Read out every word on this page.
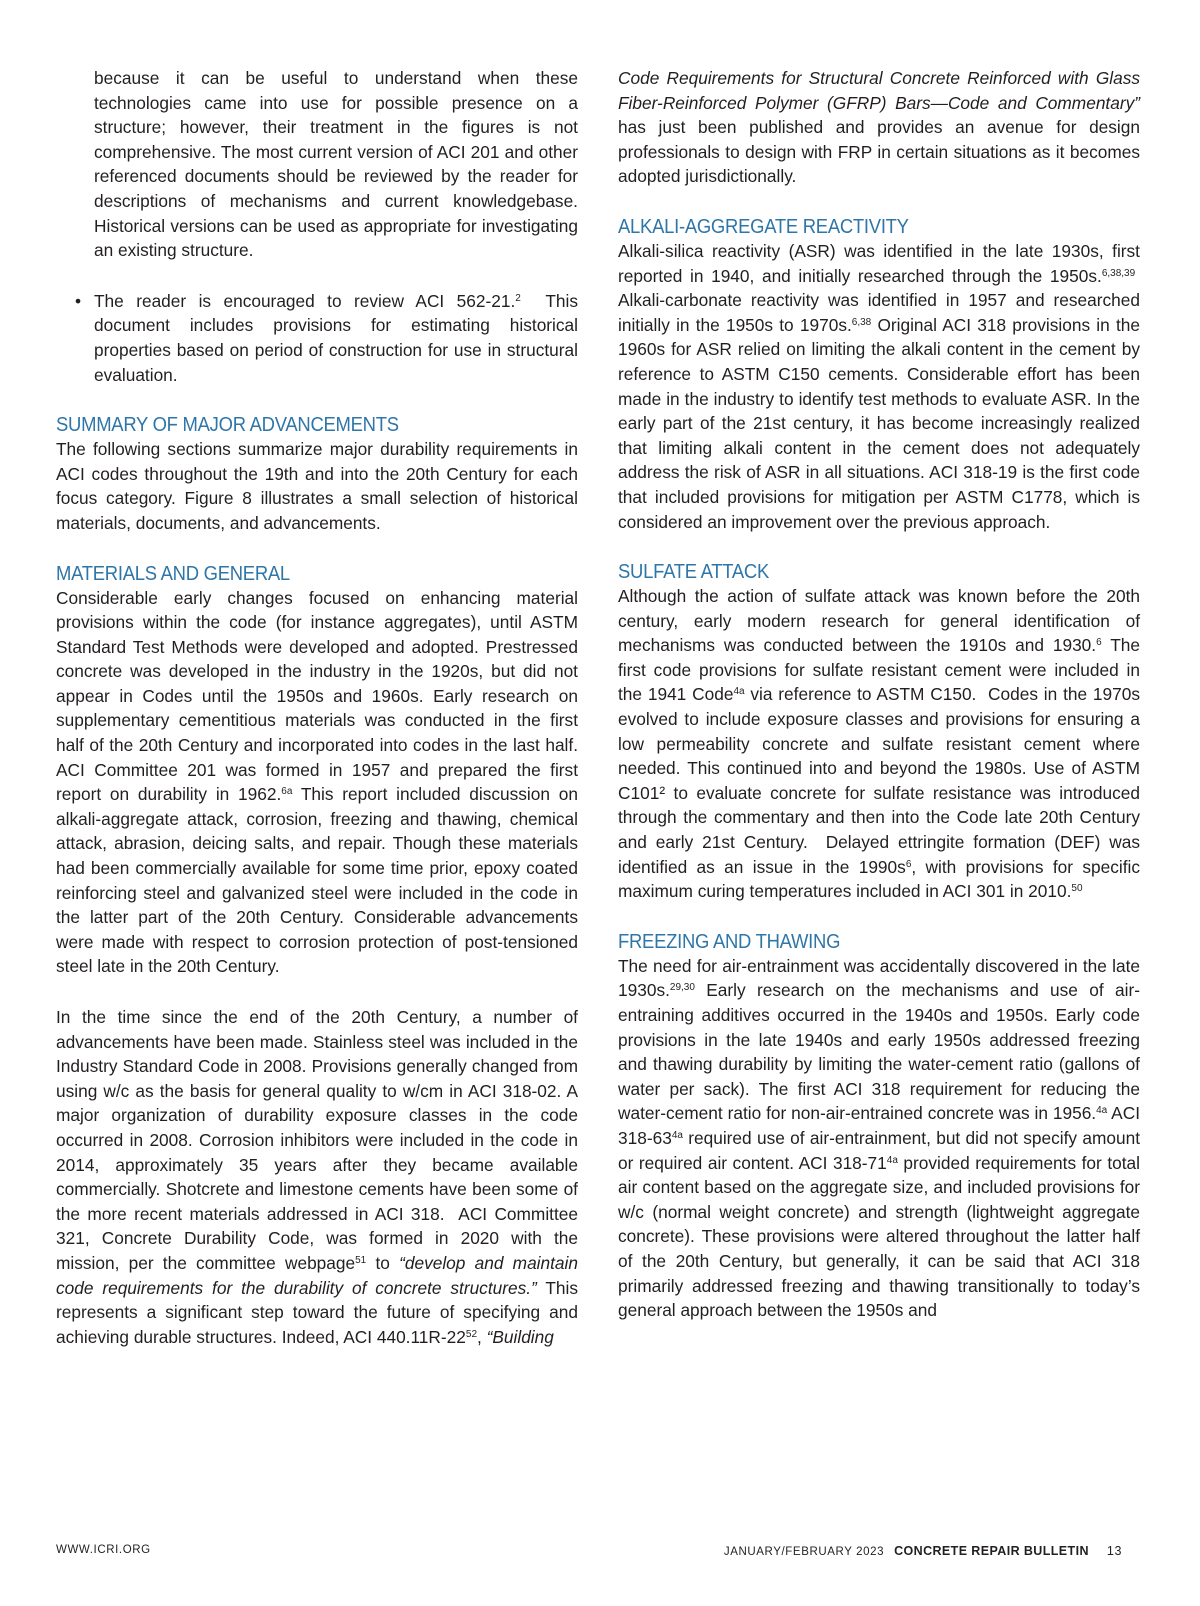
because it can be useful to understand when these technologies came into use for possible presence on a structure; however, their treatment in the figures is not comprehensive. The most current version of ACI 201 and other referenced documents should be reviewed by the reader for descriptions of mechanisms and current knowledgebase. Historical versions can be used as appropriate for investigating an existing structure.

• The reader is encouraged to review ACI 562-21.$^2$  This document includes provisions for estimating historical properties based on period of construction for use in structural evaluation.

SUMMARY OF MAJOR ADVANCEMENTS

The following sections summarize major durability requirements in ACI codes throughout the 19th and into the 20th Century for each focus category. Figure 8 illustrates a small selection of historical materials, documents, and advancements.

MATERIALS AND GENERAL

Considerable early changes focused on enhancing material provisions within the code (for instance aggregates), until ASTM Standard Test Methods were developed and adopted. Prestressed concrete was developed in the industry in the 1920s, but did not appear in Codes until the 1950s and 1960s. Early research on supplementary cementitious materials was conducted in the first half of the 20th Century and incorporated into codes in the last half. ACI Committee 201 was formed in 1957 and prepared the first report on durability in 1962.$^{6a}$ This report included discussion on alkali-aggregate attack, corrosion, freezing and thawing, chemical attack, abrasion, deicing salts, and repair. Though these materials had been commercially available for some time prior, epoxy coated reinforcing steel and galvanized steel were included in the code in the latter part of the 20th Century. Considerable advancements were made with respect to corrosion protection of post-tensioned steel late in the 20th Century.

In the time since the end of the 20th Century, a number of advancements have been made. Stainless steel was included in the Industry Standard Code in 2008. Provisions generally changed from using w/c as the basis for general quality to w/cm in ACI 318-02. A major organization of durability exposure classes in the code occurred in 2008. Corrosion inhibitors were included in the code in 2014, approximately 35 years after they became available commercially. Shotcrete and limestone cements have been some of the more recent materials addressed in ACI 318.  ACI Committee 321, Concrete Durability Code, was formed in 2020 with the mission, per the committee webpage$^{51}$ to “develop and maintain code requirements for the durability of concrete structures.” This represents a significant step toward the future of specifying and achieving durable structures. Indeed, ACI $440.11R-22^{52}$, “Building

Code Requirements for Structural Concrete Reinforced with Glass Fiber-Reinforced Polymer (GFRP) Bars—Code and Commentary” has just been published and provides an avenue for design professionals to design with FRP in certain situations as it becomes adopted jurisdictionally.

ALKALI-AGGREGATE REACTIVITY

Alkali-silica reactivity (ASR) was identified in the late 1930s, first reported in 1940, and initially researched through the 1950s.$^{6,38,39}$  Alkali-carbonate reactivity was identified in 1957 and researched initially in the 1950s to 1970s.$^{6,38}$ Original ACI 318 provisions in the 1960s for ASR relied on limiting the alkali content in the cement by reference to ASTM C150 cements. Considerable effort has been made in the industry to identify test methods to evaluate ASR. In the early part of the 21st century, it has become increasingly realized that limiting alkali content in the cement does not adequately address the risk of ASR in all situations. ACI 318-19 is the first code that included provisions for mitigation per ASTM C1778, which is considered an improvement over the previous approach.

SULFATE ATTACK

Although the action of sulfate attack was known before the 20th century, early modern research for general identification of mechanisms was conducted between the 1910s and 1930.$^6$ The first code provisions for sulfate resistant cement were included in the 1941 Code$^{4a}$ via reference to ASTM C150.  Codes in the 1970s evolved to include exposure classes and provisions for ensuring a low permeability concrete and sulfate resistant cement where needed. This continued into and beyond the 1980s. Use of ASTM C101² to evaluate concrete for sulfate resistance was introduced through the commentary and then into the Code late 20th Century and early 21st Century.  Delayed ettringite formation (DEF) was identified as an issue in the $1990s^6$, with provisions for specific maximum curing temperatures included in ACI 301 in 2010.50

FREEZING AND THAWING

The need for air-entrainment was accidentally discovered in the late 1930s.$^{29,30}$ Early research on the mechanisms and use of air-entraining additives occurred in the 1940s and 1950s. Early code provisions in the late 1940s and early 1950s addressed freezing and thawing durability by limiting the water-cement ratio (gallons of water per sack). The first ACI 318 requirement for reducing the water-cement ratio for non-air-entrained concrete was in 1956.$^{4a}$ ACI $318-63^{4a}$ required use of air-entrainment, but did not specify amount or required air content. ACI $318-71^{4a}$ provided requirements for total air content based on the aggregate size, and included provisions for w/c (normal weight concrete) and strength (lightweight aggregate concrete). These provisions were altered throughout the latter half of the 20th Century, but generally, it can be said that ACI 318 primarily addressed freezing and thawing transitionally to today’s general approach between the 1950s and

WWW.ICRI.ORG	JANUARY/FEBRUARY 2023 CONCRETE REPAIR BULLETIN 13
